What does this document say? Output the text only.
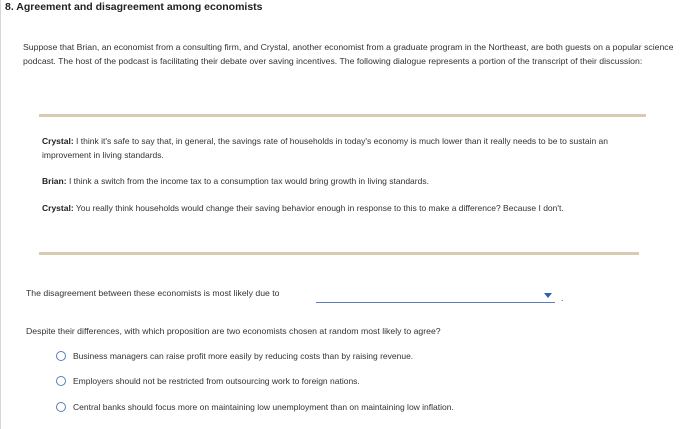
8. Agreement and disagreement among economists
Suppose that Brian, an economist from a consulting firm, and Crystal, another economist from a graduate program in the Northeast, are both guests on a popular science podcast. The host of the podcast is facilitating their debate over saving incentives. The following dialogue represents a portion of the transcript of their discussion:
Crystal: I think it's safe to say that, in general, the savings rate of households in today's economy is much lower than it really needs to be to sustain an improvement in living standards.
Brian: I think a switch from the income tax to a consumption tax would bring growth in living standards.
Crystal: You really think households would change their saving behavior enough in response to this to make a difference? Because I don't.
The disagreement between these economists is most likely due to	.
Despite their differences, with which proposition are two economists chosen at random most likely to agree?
Business managers can raise profit more easily by reducing costs than by raising revenue.
Employers should not be restricted from outsourcing work to foreign nations.
Central banks should focus more on maintaining low unemployment than on maintaining low inflation.
